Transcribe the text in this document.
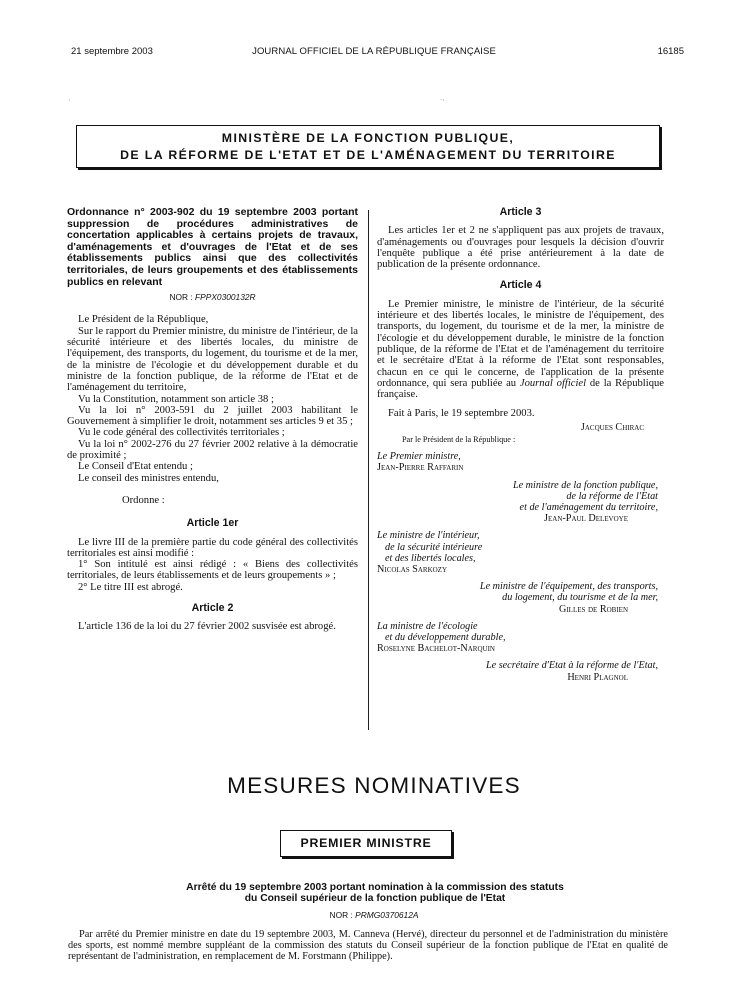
21 septembre 2003	JOURNAL OFFICIEL DE LA RÉPUBLIQUE FRANÇAISE	16185
·	ˑ·
MINISTÈRE DE LA FONCTION PUBLIQUE,
DE LA RÉFORME DE L'ETAT ET DE L'AMÉNAGEMENT DU TERRITOIRE
Ordonnance n° 2003-902 du 19 septembre 2003 portant suppression de procédures administratives de concertation applicables à certains projets de travaux, d'aménagements et d'ouvrages de l'Etat et de ses établissements publics ainsi que des collectivités territoriales, de leurs groupements et des établissements publics en relevant
NOR : FPPX0300132R

Le Président de la République,

Sur le rapport du Premier ministre, du ministre de l'intérieur, de la sécurité intérieure et des libertés locales, du ministre de l'équipement, des transports, du logement, du tourisme et de la mer, de la ministre de l'écologie et du développement durable et du ministre de la fonction publique, de la réforme de l'Etat et de l'aménagement du territoire,

Vu la Constitution, notamment son article 38 ;

Vu la loi n° 2003-591 du 2 juillet 2003 habilitant le Gouvernement à simplifier le droit, notamment ses articles 9 et 35 ;

Vu le code général des collectivités territoriales ;

Vu la loi n° 2002-276 du 27 février 2002 relative à la démocratie de proximité ;

Le Conseil d'Etat entendu ;

Le conseil des ministres entendu,

Ordonne :

Article 1er

Le livre III de la première partie du code général des collectivités territoriales est ainsi modifié :

1° Son intitulé est ainsi rédigé : « Biens des collectivités territoriales, de leurs établissements et de leurs groupements » ;

2° Le titre III est abrogé.

Article 2

L'article 136 de la loi du 27 février 2002 susvisée est abrogé.

Article 3

Les articles 1er et 2 ne s'appliquent pas aux projets de travaux, d'aménagements ou d'ouvrages pour lesquels la décision d'ouvrir l'enquête publique a été prise antérieurement à la date de publication de la présente ordonnance.

Article 4

Le Premier ministre, le ministre de l'intérieur, de la sécurité intérieure et des libertés locales, le ministre de l'équipement, des transports, du logement, du tourisme et de la mer, la ministre de l'écologie et du développement durable, le ministre de la fonction publique, de la réforme de l'Etat et de l'aménagement du territoire et le secrétaire d'Etat à la réforme de l'Etat sont responsables, chacun en ce qui le concerne, de l'application de la présente ordonnance, qui sera publiée au Journal officiel de la République française.

Fait à Paris, le 19 septembre 2003.

Jacques Chirac
Par le Président de la République :
Le Premier ministre,
Jean-Pierre Raffarin
Le ministre de la fonction publique,
de la réforme de l'Etat
et de l'aménagement du territoire,
Jean-Paul Delevoye
Le ministre de l'intérieur,
de la sécurité intérieure
et des libertés locales,
Nicolas Sarkozy
Le ministre de l'équipement, des transports,
du logement, du tourisme et de la mer,
Gilles de Robien
La ministre de l'écologie
et du développement durable,
Roselyne Bachelot-Narquin
Le secrétaire d'Etat à la réforme de l'Etat,
Henri Plagnol
MESURES NOMINATIVES
PREMIER MINISTRE
Arrêté du 19 septembre 2003 portant nomination à la commission des statuts
du Conseil supérieur de la fonction publique de l'Etat
NOR : PRMG0370612A

Par arrêté du Premier ministre en date du 19 septembre 2003, M. Canneva (Hervé), directeur du personnel et de l'administration du ministère des sports, est nommé membre suppléant de la commission des statuts du Conseil supérieur de la fonction publique de l'Etat en qualité de représentant de l'administration, en remplacement de M. Forstmann (Philippe).
